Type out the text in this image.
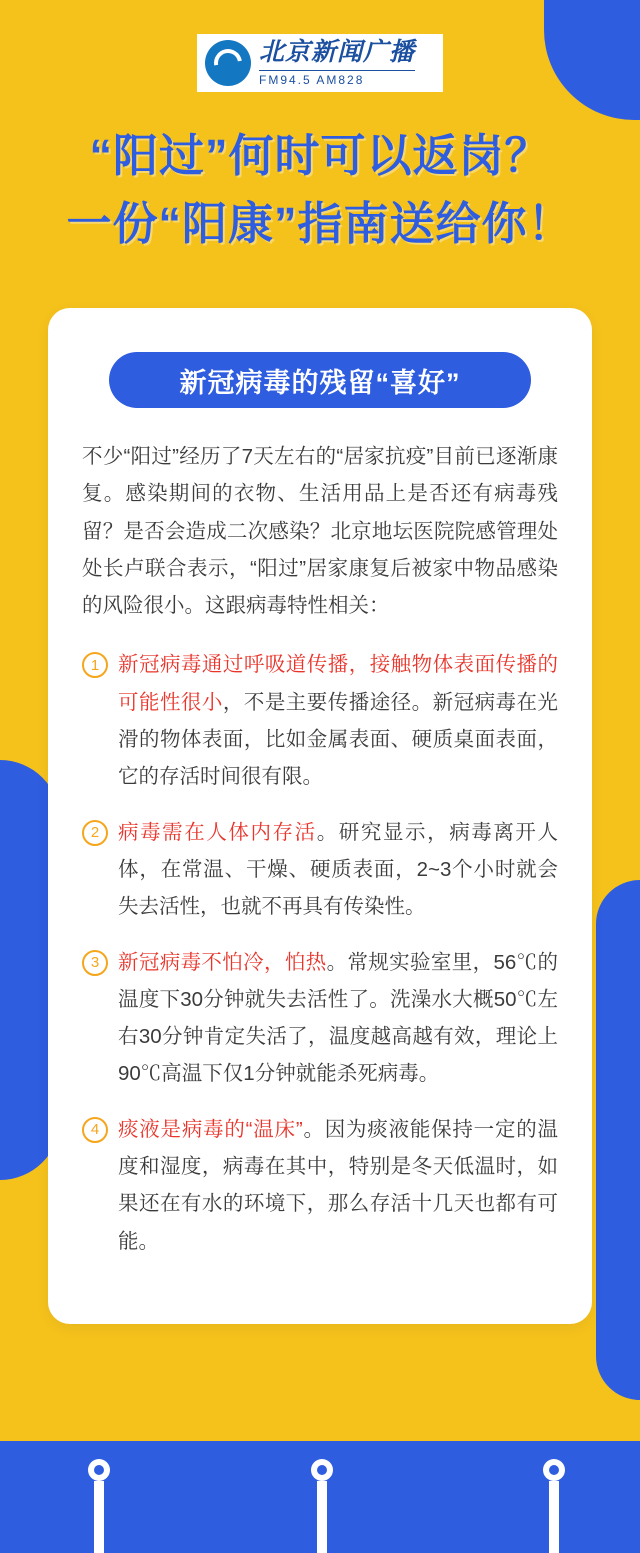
北京新闻广播
FM94.5 AM828
“阳过”何时可以返岗？
一份“阳康”指南送给你！
新冠病毒的残留“喜好”
不少“阳过”经历了7天左右的“居家抗疫”目前已逐渐康复。感染期间的衣物、生活用品上是否还有病毒残留？是否会造成二次感染？北京地坛医院院感管理处处长卢联合表示，“阳过”居家康复后被家中物品感染的风险很小。这跟病毒特性相关：
1 新冠病毒通过呼吸道传播，接触物体表面传播的可能性很小，不是主要传播途径。新冠病毒在光滑的物体表面，比如金属表面、硬质桌面表面，它的存活时间很有限。
2 病毒需在人体内存活。研究显示，病毒离开人体，在常温、干燥、硬质表面，2~3个小时就会失去活性，也就不再具有传染性。
3 新冠病毒不怕冷，怕热。常规实验室里，56℃的温度下30分钟就失去活性了。洗澡水大概50℃左右30分钟肯定失活了，温度越高越有效，理论上90℃高温下仅1分钟就能杀死病毒。
4 痰液是病毒的“温床”。因为痰液能保持一定的温度和湿度，病毒在其中，特别是冬天低温时，如果还在有水的环境下，那么存活十几天也都有可能。
